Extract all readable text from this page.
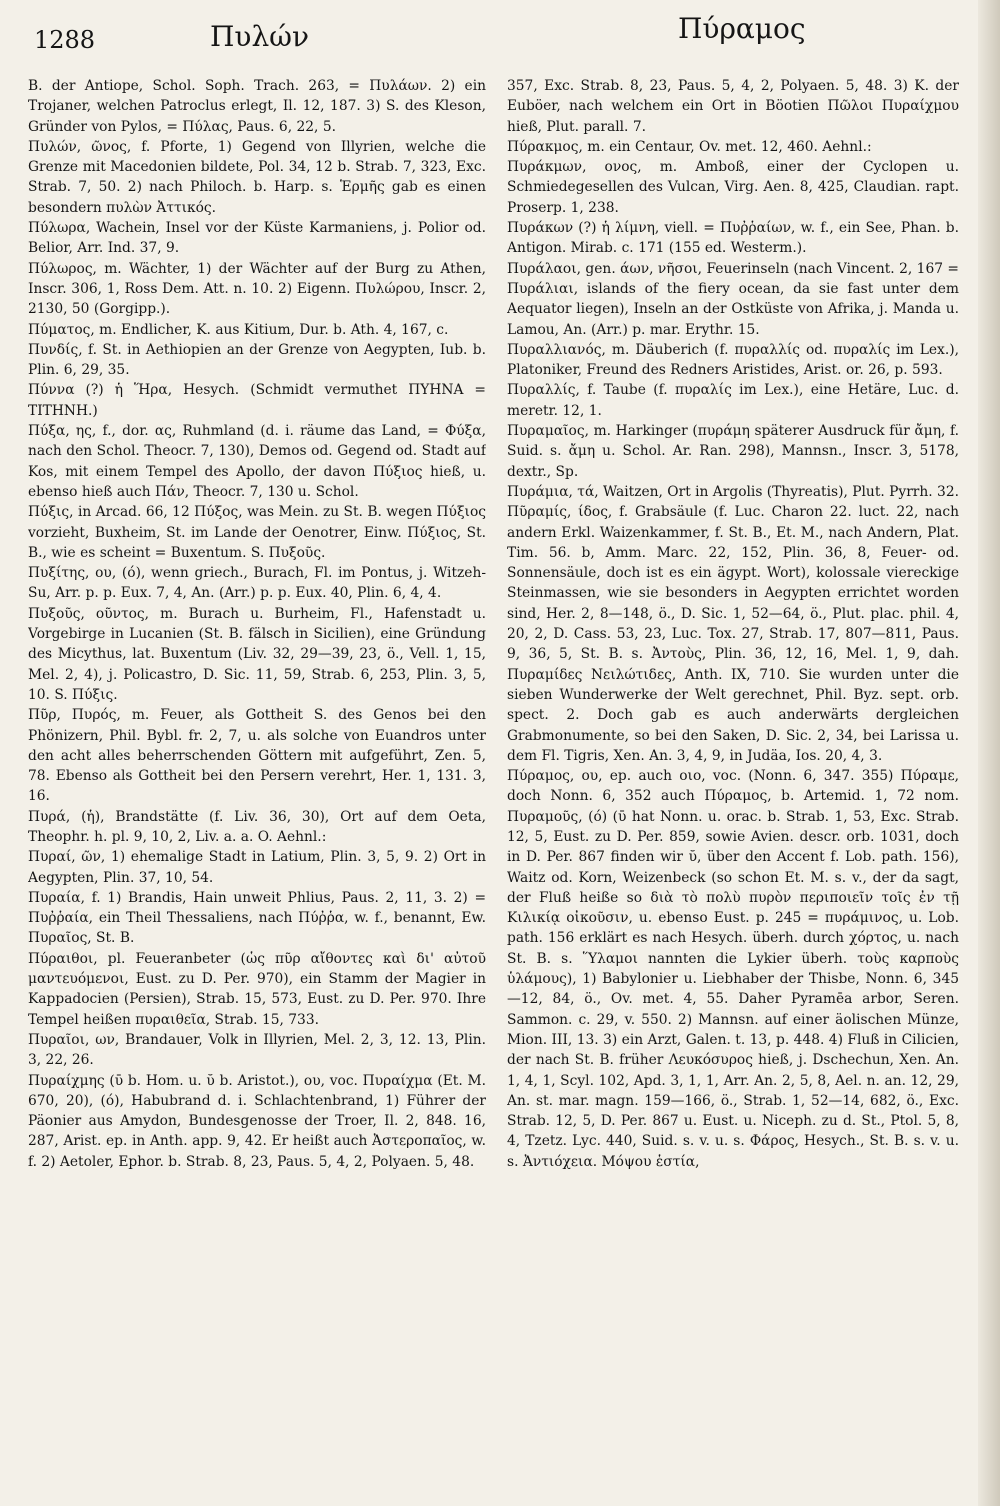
1288	Πυλών	Πύραμος

B. der Antiope, Schol. Soph. Trach. 263, = Πυλάων. 2) ein Trojaner, welchen Patroclus erlegt, Il. 12, 187. 3) S. des Kleson, Gründer von Pylos, = Πύλας, Paus. 6, 22, 5.

Πυλών, ῶνος, f. Pforte, 1) Gegend von Illyrien, welche die Grenze mit Macedonien bildete, Pol. 34, 12 b. Strab. 7, 323, Exc. Strab. 7, 50. 2) nach Philoch. b. Harp. s. Ἑρμῆς gab es einen besondern πυλὼν Ἀττικός.

Πύλωρα, Wachein, Insel vor der Küste Karmaniens, j. Polior od. Belior, Arr. Ind. 37, 9.

Πύλωρος, m. Wächter, 1) der Wächter auf der Burg zu Athen, Inscr. 306, 1, Ross Dem. Att. n. 10. 2) Eigenn. Πυλώρου, Inscr. 2, 2130, 50 (Gorgipp.).

Πύματος, m. Endlicher, K. aus Kitium, Dur. b. Ath. 4, 167, c.

Πυνδίς, f. St. in Aethiopien an der Grenze von Aegypten, Iub. b. Plin. 6, 29, 35.

Πύννα (?) ἡ Ἥρα, Hesych. (Schmidt vermuthet ΠΥΗΝΑ = ΤΙΤΗΝΗ.)

Πύξα, ης, f., dor. ας, Ruhmland (d. i. räume das Land, = Φύξα, nach den Schol. Theocr. 7, 130), Demos od. Gegend od. Stadt auf Kos, mit einem Tempel des Apollo, der davon Πύξιος hieß, u. ebenso hieß auch Πάν, Theocr. 7, 130 u. Schol.

Πύξις, in Arcad. 66, 12 Πύξος, was Mein. zu St. B. wegen Πύξιος vorzieht, Buxheim, St. im Lande der Oenotrer, Einw. Πύξιος, St. B., wie es scheint = Buxentum. S. Πυξοῦς.

Πυξίτης, ου, (ό), wenn griech., Burach, Fl. im Pontus, j. Witzeh-Su, Arr. p. p. Eux. 7, 4, An. (Arr.) p. p. Eux. 40, Plin. 6, 4, 4.

Πυξοῦς, οῦντος, m. Burach u. Burheim, Fl., Hafenstadt u. Vorgebirge in Lucanien (St. B. fälsch in Sicilien), eine Gründung des Micythus, lat. Buxentum (Liv. 32, 29—39, 23, ö., Vell. 1, 15, Mel. 2, 4), j. Policastro, D. Sic. 11, 59, Strab. 6, 253, Plin. 3, 5, 10. S. Πύξις.

Πῦρ, Πυρός, m. Feuer, als Gottheit S. des Genos bei den Phönizern, Phil. Bybl. fr. 2, 7, u. als solche von Euandros unter den acht alles beherrschenden Göttern mit aufgeführt, Zen. 5, 78. Ebenso als Gottheit bei den Persern verehrt, Her. 1, 131. 3, 16.

Πυρά, (ἡ), Brandstätte (f. Liv. 36, 30), Ort auf dem Oeta, Theophr. h. pl. 9, 10, 2, Liv. a. a. O. Aehnl.:

Πυραί, ῶν, 1) ehemalige Stadt in Latium, Plin. 3, 5, 9. 2) Ort in Aegypten, Plin. 37, 10, 54.

Πυραία, f. 1) Brandis, Hain unweit Phlius, Paus. 2, 11, 3. 2) = Πυῤῥαία, ein Theil Thessaliens, nach Πύῤῥα, w. f., benannt, Ew. Πυραῖος, St. B.

Πύραιθοι, pl. Feueranbeter (ὡς πῦρ αἴθοντες καὶ δι' αὐτοῦ μαντευόμενοι, Eust. zu D. Per. 970), ein Stamm der Magier in Kappadocien (Persien), Strab. 15, 573, Eust. zu D. Per. 970. Ihre Tempel heißen πυραιθεῖα, Strab. 15, 733.

Πυραῖοι, ων, Brandauer, Volk in Illyrien, Mel. 2, 3, 12. 13, Plin. 3, 22, 26.

Πυραίχμης (ῡ b. Hom. u. ῠ b. Aristot.), ου, voc. Πυραίχμα (Et. M. 670, 20), (ό), Habubrand d. i. Schlachtenbrand, 1) Führer der Päonier aus Amydon, Bundesgenosse der Troer, Il. 2, 848. 16, 287, Arist. ep. in Anth. app. 9, 42. Er heißt auch Ἀστεροπαῖος, w. f. 2) Aetoler, Ephor. b. Strab. 8, 23, Paus. 5, 4, 2, Polyaen. 5, 48.

357, Exc. Strab. 8, 23, Paus. 5, 4, 2, Polyaen. 5, 48. 3) K. der Euböer, nach welchem ein Ort in Böotien Πῶλοι Πυραίχμου hieß, Plut. parall. 7.

Πύρακμος, m. ein Centaur, Ov. met. 12, 460. Aehnl.:

Πυράκμων, ονος, m. Amboß, einer der Cyclopen u. Schmiedegesellen des Vulcan, Virg. Aen. 8, 425, Claudian. rapt. Proserp. 1, 238.

Πυράκων (?) ἡ λίμνη, viell. = Πυῤῥαίων, w. f., ein See, Phan. b. Antigon. Mirab. c. 171 (155 ed. Westerm.).

Πυράλαοι, gen. άων, νῆσοι, Feuerinseln (nach Vincent. 2, 167 = Πυράλιαι, islands of the fiery ocean, da sie fast unter dem Aequator liegen), Inseln an der Ostküste von Afrika, j. Manda u. Lamou, An. (Arr.) p. mar. Erythr. 15.

Πυραλλιανός, m. Däuberich (f. πυραλλίς od. πυραλίς im Lex.), Platoniker, Freund des Redners Aristides, Arist. or. 26, p. 593.

Πυραλλίς, f. Taube (f. πυραλίς im Lex.), eine Hetäre, Luc. d. meretr. 12, 1.

Πυραμαῖος, m. Harkinger (πυράμη späterer Ausdruck für ἄμη, f. Suid. s. ἄμη u. Schol. Ar. Ran. 298), Mannsn., Inscr. 3, 5178, dextr., Sp.

Πυράμια, τά, Waitzen, Ort in Argolis (Thyreatis), Plut. Pyrrh. 32.

Πῦραμίς, ίδος, f. Grabsäule (f. Luc. Charon 22. luct. 22, nach andern Erkl. Waizenkammer, f. St. B., Et. M., nach Andern, Plat. Tim. 56. b, Amm. Marc. 22, 152, Plin. 36, 8, Feuer- od. Sonnensäule, doch ist es ein ägypt. Wort), kolossale viereckige Steinmassen, wie sie besonders in Aegypten errichtet worden sind, Her. 2, 8—148, ö., D. Sic. 1, 52—64, ö., Plut. plac. phil. 4, 20, 2, D. Cass. 53, 23, Luc. Tox. 27, Strab. 17, 807—811, Paus. 9, 36, 5, St. B. s. Ἀντοὺς, Plin. 36, 12, 16, Mel. 1, 9, dah. Πυραμίδες Νειλώτιδες, Anth. IX, 710. Sie wurden unter die sieben Wunderwerke der Welt gerechnet, Phil. Byz. sept. orb. spect. 2. Doch gab es auch anderwärts dergleichen Grabmonumente, so bei den Saken, D. Sic. 2, 34, bei Larissa u. dem Fl. Tigris, Xen. An. 3, 4, 9, in Judäa, Ios. 20, 4, 3.

Πύραμος, ου, ep. auch οιο, voc. (Nonn. 6, 347. 355) Πύραμε, doch Nonn. 6, 352 auch Πύραμος, b. Artemid. 1, 72 nom. Πυραμοῦς, (ό) (ῡ hat Nonn. u. orac. b. Strab. 1, 53, Exc. Strab. 12, 5, Eust. zu D. Per. 859, sowie Avien. descr. orb. 1031, doch in D. Per. 867 finden wir ῠ, über den Accent f. Lob. path. 156), Waitz od. Korn, Weizenbeck (so schon Et. M. s. v., der da sagt, der Fluß heiße so διὰ τὸ πολὺ πυρὸν περιποιεῖν τοῖς ἐν τῇ Κιλικίᾳ οἰκοῦσιν, u. ebenso Eust. p. 245 = πυράμινος, u. Lob. path. 156 erklärt es nach Hesych. überh. durch χόρτος, u. nach St. B. s. Ὕλαμοι nannten die Lykier überh. τοὺς καρποὺς ὑλάμους), 1) Babylonier u. Liebhaber der Thisbe, Nonn. 6, 345—12, 84, ö., Ov. met. 4, 55. Daher Pyramēa arbor, Seren. Sammon. c. 29, v. 550. 2) Mannsn. auf einer äolischen Münze, Mion. III, 13. 3) ein Arzt, Galen. t. 13, p. 448. 4) Fluß in Cilicien, der nach St. B. früher Λευκόσυρος hieß, j. Dschechun, Xen. An. 1, 4, 1, Scyl. 102, Apd. 3, 1, 1, Arr. An. 2, 5, 8, Ael. n. an. 12, 29, An. st. mar. magn. 159—166, ö., Strab. 1, 52—14, 682, ö., Exc. Strab. 12, 5, D. Per. 867 u. Eust. u. Niceph. zu d. St., Ptol. 5, 8, 4, Tzetz. Lyc. 440, Suid. s. v. u. s. Φάρος, Hesych., St. B. s. v. u. s. Ἀντιόχεια. Μόψου ἑστία,
